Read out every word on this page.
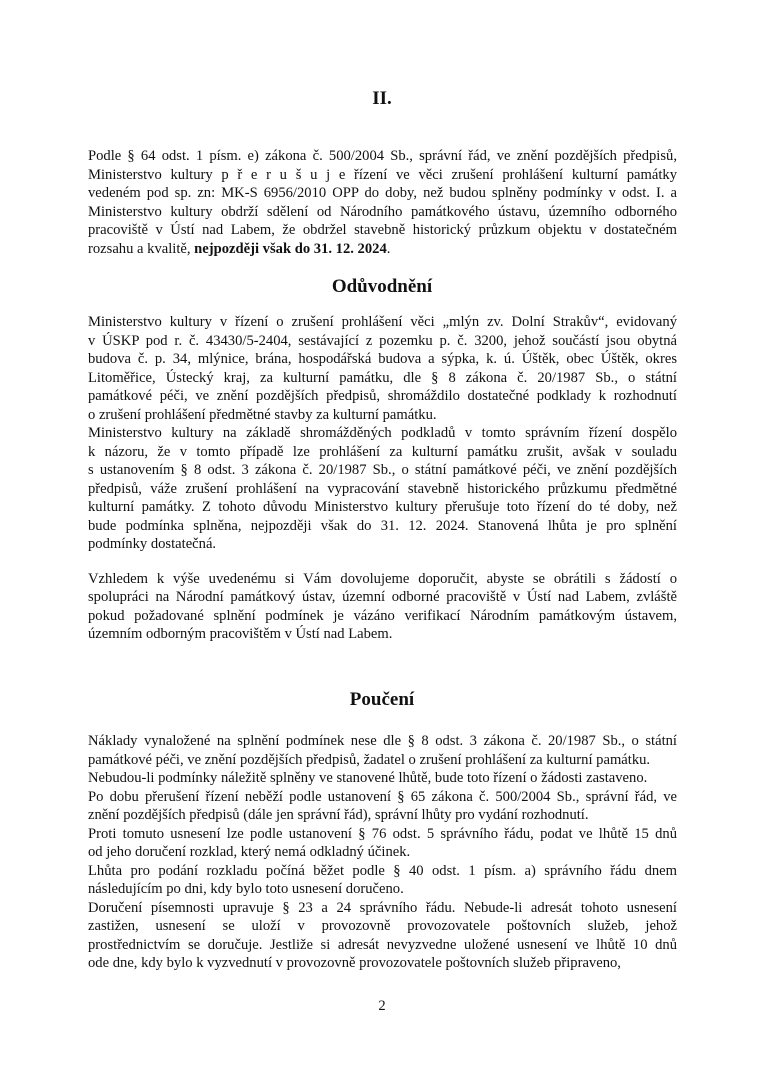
II.
Podle § 64 odst. 1 písm. e) zákona č. 500/2004 Sb., správní řád, ve znění pozdějších předpisů,
Ministerstvo kultury p ř e r u š u j e řízení ve věci zrušení prohlášení kulturní památky
vedeném pod sp. zn: MK-S 6956/2010 OPP do doby, než budou splněny podmínky v odst. I. a
Ministerstvo kultury obdrží sdělení od Národního památkového ústavu, územního odborného
pracoviště v Ústí nad Labem, že obdržel stavebně historický průzkum objektu v dostatečném
rozsahu a kvalitě, nejpozději však do 31. 12. 2024.
Odůvodnění
Ministerstvo kultury v řízení o zrušení prohlášení věci „mlýn zv. Dolní Strakův“, evidovaný
v ÚSKP pod r. č. 43430/5-2404, sestávající z pozemku p. č. 3200, jehož součástí jsou obytná
budova č. p. 34, mlýnice, brána, hospodářská budova a sýpka, k. ú. Úštěk, obec Úštěk, okres
Litoměřice, Ústecký kraj, za kulturní památku, dle § 8 zákona č. 20/1987 Sb., o státní
památkové péči, ve znění pozdějších předpisů, shromáždilo dostatečné podklady k rozhodnutí
o zrušení prohlášení předmětné stavby za kulturní památku.
Ministerstvo kultury na základě shromážděných podkladů v tomto správním řízení dospělo
k názoru, že v tomto případě lze prohlášení za kulturní památku zrušit, avšak v souladu
s ustanovením § 8 odst. 3 zákona č. 20/1987 Sb., o státní památkové péči, ve znění pozdějších
předpisů, váže zrušení prohlášení na vypracování stavebně historického průzkumu předmětné
kulturní památky. Z tohoto důvodu Ministerstvo kultury přerušuje toto řízení do té doby, než
bude podmínka splněna, nejpozději však do 31. 12. 2024. Stanovená lhůta je pro splnění
podmínky dostatečná.
Vzhledem k výše uvedenému si Vám dovolujeme doporučit, abyste se obrátili s žádostí o
spolupráci na Národní památkový ústav, územní odborné pracoviště v Ústí nad Labem, zvláště
pokud požadované splnění podmínek je vázáno verifikací Národním památkovým ústavem,
územním odborným pracovištěm v Ústí nad Labem.
Poučení
Náklady vynaložené na splnění podmínek nese dle § 8 odst. 3 zákona č. 20/1987 Sb., o státní
památkové péči, ve znění pozdějších předpisů, žadatel o zrušení prohlášení za kulturní památku.
Nebudou-li podmínky náležitě splněny ve stanovené lhůtě, bude toto řízení o žádosti zastaveno.
Po dobu přerušení řízení neběží podle ustanovení § 65 zákona č. 500/2004 Sb., správní řád, ve
znění pozdějších předpisů (dále jen správní řád), správní lhůty pro vydání rozhodnutí.
Proti tomuto usnesení lze podle ustanovení § 76 odst. 5 správního řádu, podat ve lhůtě 15 dnů
od jeho doručení rozklad, který nemá odkladný účinek.
Lhůta pro podání rozkladu počíná běžet podle § 40 odst. 1 písm. a) správního řádu dnem
následujícím po dni, kdy bylo toto usnesení doručeno.
Doručení písemnosti upravuje § 23 a 24 správního řádu. Nebude-li adresát tohoto usnesení
zastižen, usnesení se uloží v provozovně provozovatele poštovních služeb, jehož
prostřednictvím se doručuje. Jestliže si adresát nevyzvedne uložené usnesení ve lhůtě 10 dnů
ode dne, kdy bylo k vyzvednutí v provozovně provozovatele poštovních služeb připraveno,
2
